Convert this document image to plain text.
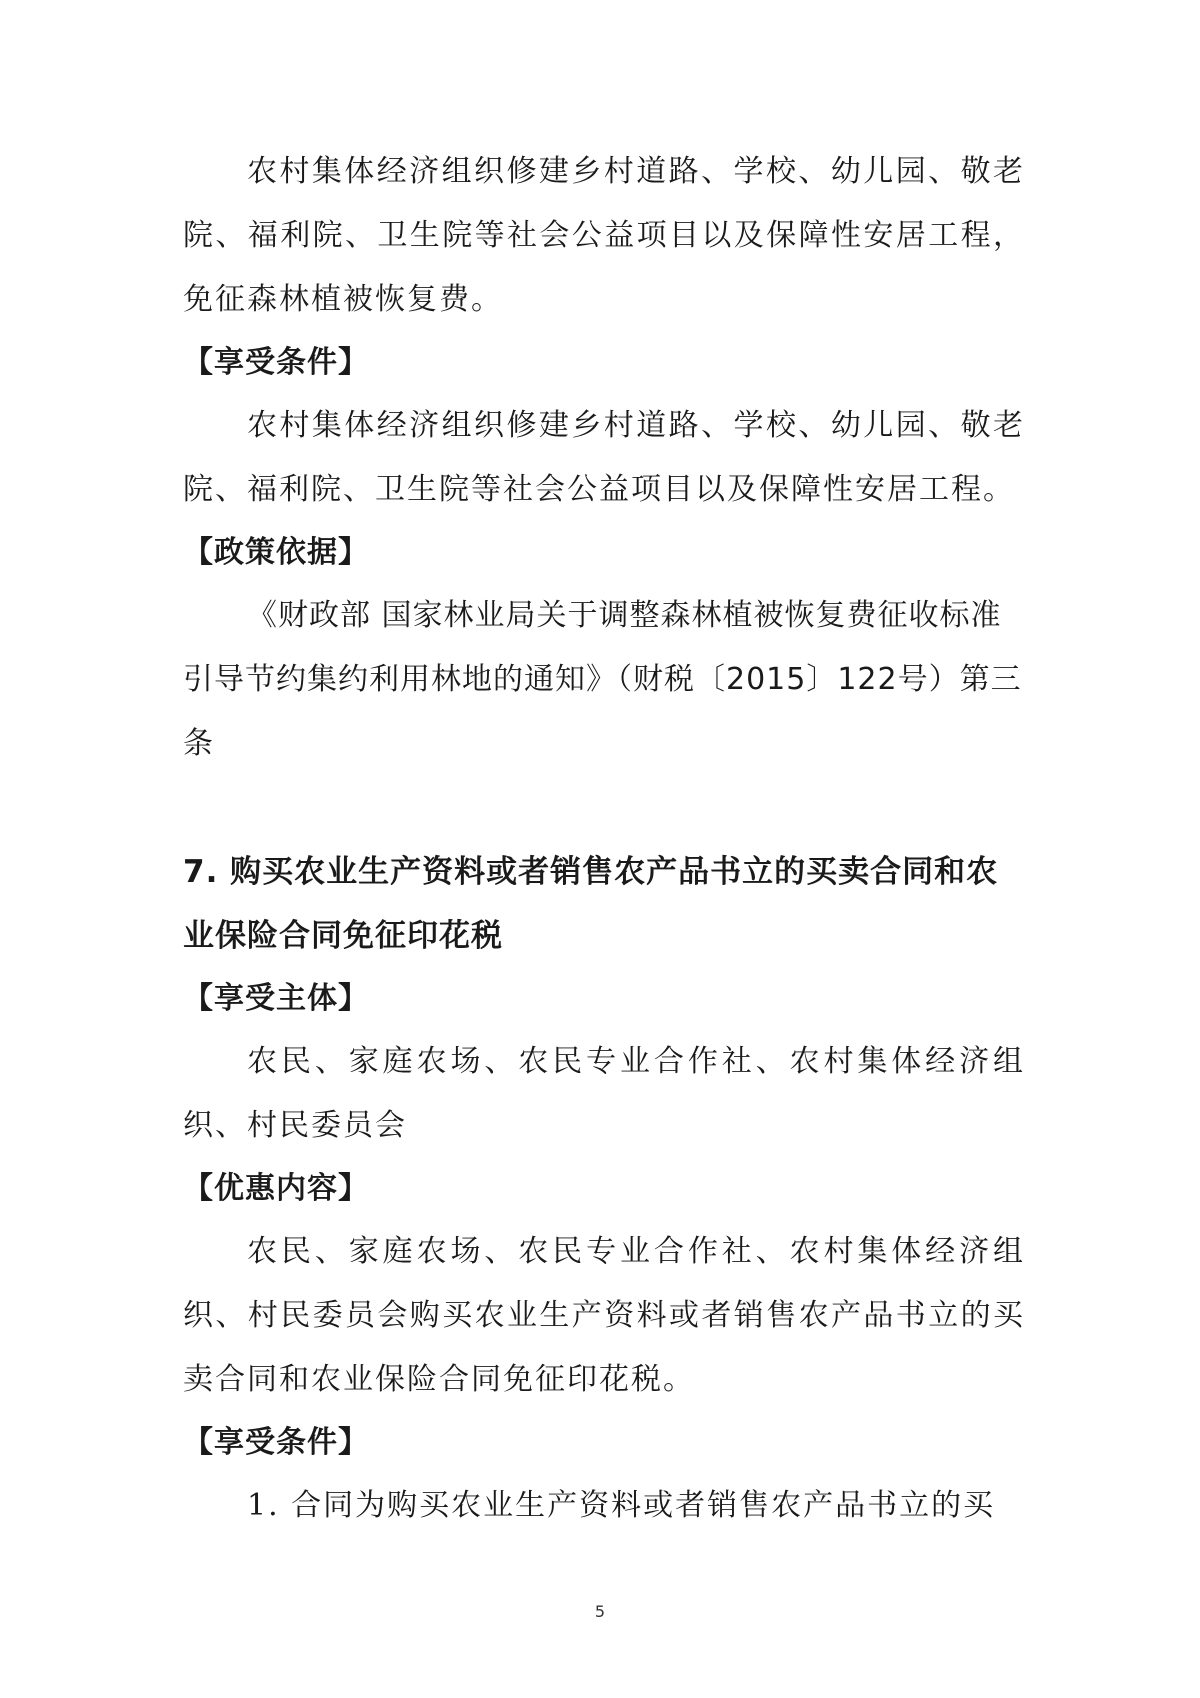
农村集体经济组织修建乡村道路、学校、幼儿园、敬老院、福利院、卫生院等社会公益项目以及保障性安居工程，免征森林植被恢复费。

【享受条件】

农村集体经济组织修建乡村道路、学校、幼儿园、敬老院、福利院、卫生院等社会公益项目以及保障性安居工程。

【政策依据】

《财政部 国家林业局关于调整森林植被恢复费征收标准引导节约集约利用林地的通知》（财税〔2015〕122号）第三条

7. 购买农业生产资料或者销售农产品书立的买卖合同和农业保险合同免征印花税

【享受主体】

农民、家庭农场、农民专业合作社、农村集体经济组织、村民委员会

【优惠内容】

农民、家庭农场、农民专业合作社、农村集体经济组织、村民委员会购买农业生产资料或者销售农产品书立的买卖合同和农业保险合同免征印花税。

【享受条件】

1. 合同为购买农业生产资料或者销售农产品书立的买

5
